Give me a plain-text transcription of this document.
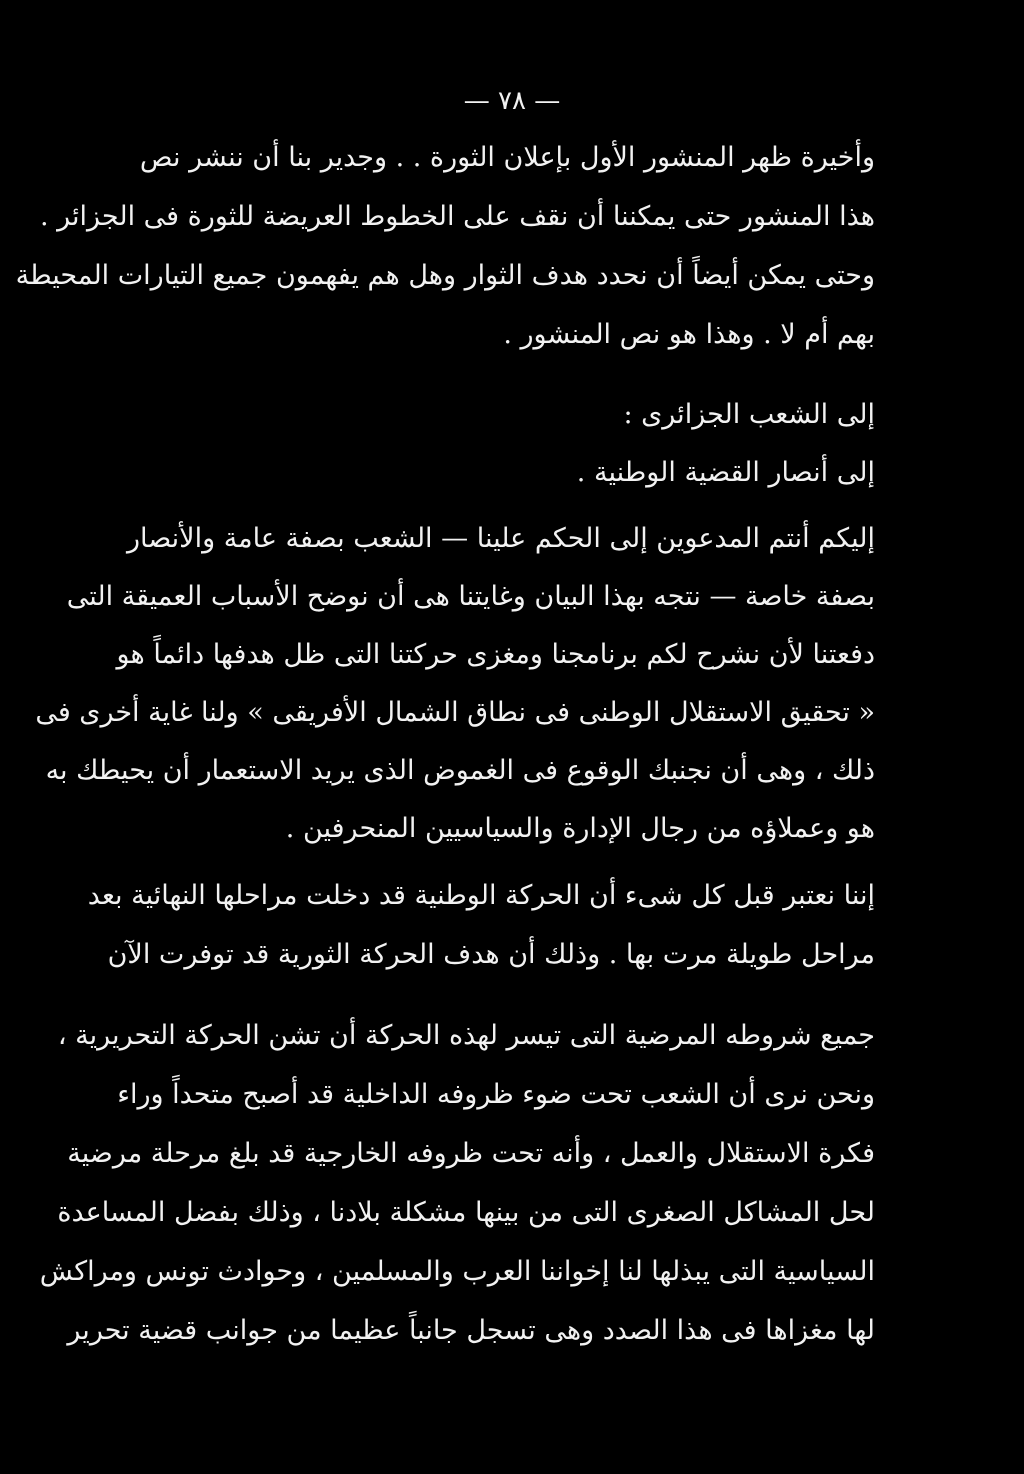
— ٧٨ —
وأخيرة ظهر المنشور الأول بإعلان الثورة . . وجدير بنا أن ننشر نص
هذا المنشور حتى يمكننا أن نقف على الخطوط العريضة للثورة فى الجزائر .
وحتى يمكن أيضاً أن نحدد هدف الثوار وهل هم يفهمون جميع التيارات المحيطة
بهم أم لا . وهذا هو نص المنشور .
إلى الشعب الجزائرى :
إلى أنصار القضية الوطنية .
إليكم أنتم المدعوين إلى الحكم علينا — الشعب بصفة عامة والأنصار
بصفة خاصة — نتجه بهذا البيان وغايتنا هى أن نوضح الأسباب العميقة التى
دفعتنا لأن نشرح لكم برنامجنا ومغزى حركتنا التى ظل هدفها دائماً هو
« تحقيق الاستقلال الوطنى فى نطاق الشمال الأفريقى » ولنا غاية أخرى فى
ذلك ، وهى أن نجنبك الوقوع فى الغموض الذى يريد الاستعمار أن يحيطك به
هو وعملاؤه من رجال الإدارة والسياسيين المنحرفين .
إننا نعتبر قبل كل شىء أن الحركة الوطنية قد دخلت مراحلها النهائية بعد
مراحل طويلة مرت بها . وذلك أن هدف الحركة الثورية قد توفرت الآن
جميع شروطه المرضية التى تيسر لهذه الحركة أن تشن الحركة التحريرية ،
ونحن نرى أن الشعب تحت ضوء ظروفه الداخلية قد أصبح متحداً وراء
فكرة الاستقلال والعمل ، وأنه تحت ظروفه الخارجية قد بلغ مرحلة مرضية
لحل المشاكل الصغرى التى من بينها مشكلة بلادنا ، وذلك بفضل المساعدة
السياسية التى يبذلها لنا إخواننا العرب والمسلمين ، وحوادث تونس ومراكش
لها مغزاها فى هذا الصدد وهى تسجل جانباً عظيما من جوانب قضية تحرير
